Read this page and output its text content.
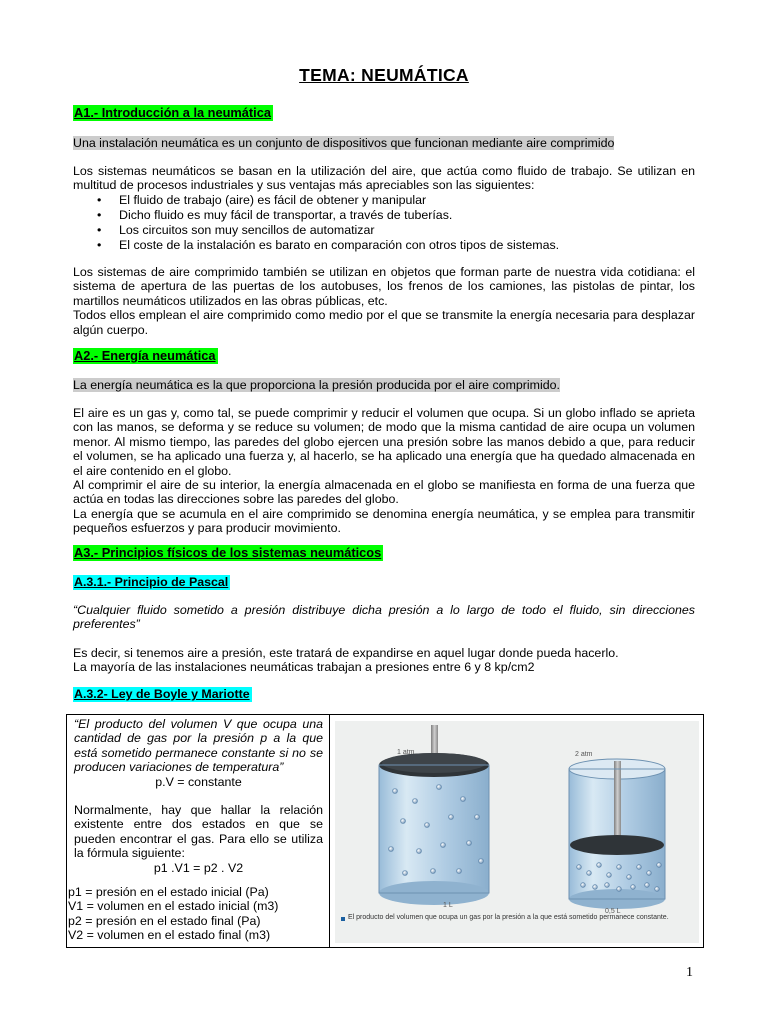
TEMA: NEUMÁTICA
A1.- Introducción a la neumática
Una instalación neumática es un conjunto de dispositivos que funcionan mediante aire comprimido
Los sistemas neumáticos se basan en la utilización del aire, que actúa como fluido de trabajo. Se utilizan en multitud de procesos industriales y sus ventajas más apreciables son las siguientes:
• El fluido de trabajo (aire) es fácil de obtener y manipular
• Dicho fluido es muy fácil de transportar, a través de tuberías.
• Los circuitos son muy sencillos de automatizar
• El coste de la instalación es barato en comparación con otros tipos de sistemas.

Los sistemas de aire comprimido también se utilizan en objetos que forman parte de nuestra vida cotidiana: el sistema de apertura de las puertas de los autobuses, los frenos de los camiones, las pistolas de pintar, los martillos neumáticos utilizados en las obras públicas, etc.

Todos ellos emplean el aire comprimido como medio por el que se transmite la energía necesaria para desplazar algún cuerpo.

A2.- Energía neumática
La energía neumática es la que proporciona la presión producida por el aire comprimido.

El aire es un gas y, como tal, se puede comprimir y reducir el volumen que ocupa. Si un globo inflado se aprieta con las manos, se deforma y se reduce su volumen; de modo que la misma cantidad de aire ocupa un volumen menor. Al mismo tiempo, las paredes del globo ejercen una presión sobre las manos debido a que, para reducir el volumen, se ha aplicado una fuerza y, al hacerlo, se ha aplicado una energía que ha quedado almacenada en el aire contenido en el globo.

Al comprimir el aire de su interior, la energía almacenada en el globo se manifiesta en forma de una fuerza que actúa en todas las direcciones sobre las paredes del globo.

La energía que se acumula en el aire comprimido se denomina energía neumática, y se emplea para transmitir pequeños esfuerzos y para producir movimiento.

A3.- Principios físicos de los sistemas neumáticos
A.3.1.- Principio de Pascal
“Cualquier fluido sometido a presión distribuye dicha presión a lo largo de todo el fluido, sin direcciones preferentes”

Es decir, si tenemos aire a presión, este tratará de expandirse en aquel lugar donde pueda hacerlo.

La mayoría de las instalaciones neumáticas trabajan a presiones entre 6 y 8 kp/cm2

A.3.2- Ley de Boyle y Mariotte
“El producto del volumen V que ocupa una cantidad de gas por la presión p a la que está sometido permanece constante si no se producen variaciones de temperatura”
p.V = constante
Normalmente, hay que hallar la relación existente entre dos estados en que se pueden encontrar el gas. Para ello se utiliza la fórmula siguiente:
p1 .V1 = p2 . V2
p1 = presión en el estado inicial (Pa)
V1 = volumen en el estado inicial (m3)
p2 = presión en el estado final (Pa)
V2 = volumen en el estado final (m3)
1 atm	2 atm
1 L
0,5 L
El producto del volumen que ocupa un gas por la presión a la que está sometido permanece constante.
1
